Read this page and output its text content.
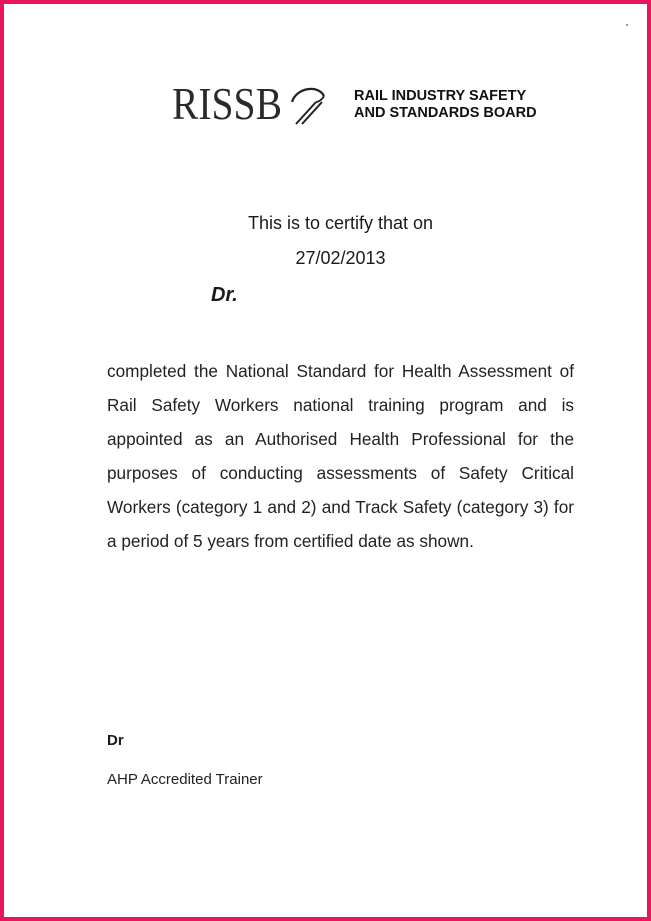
RISSB	RAIL INDUSTRY SAFETY
AND STANDARDS BOARD
This is to certify that on
27/02/2013
Dr.
completed the National Standard for Health Assessment of Rail Safety Workers national training program and is appointed as an Authorised Health Professional for the purposes of conducting assessments of Safety Critical Workers (category 1 and 2) and Track Safety (category 3) for a period of 5 years from certified date as shown.
Dr
AHP Accredited Trainer
